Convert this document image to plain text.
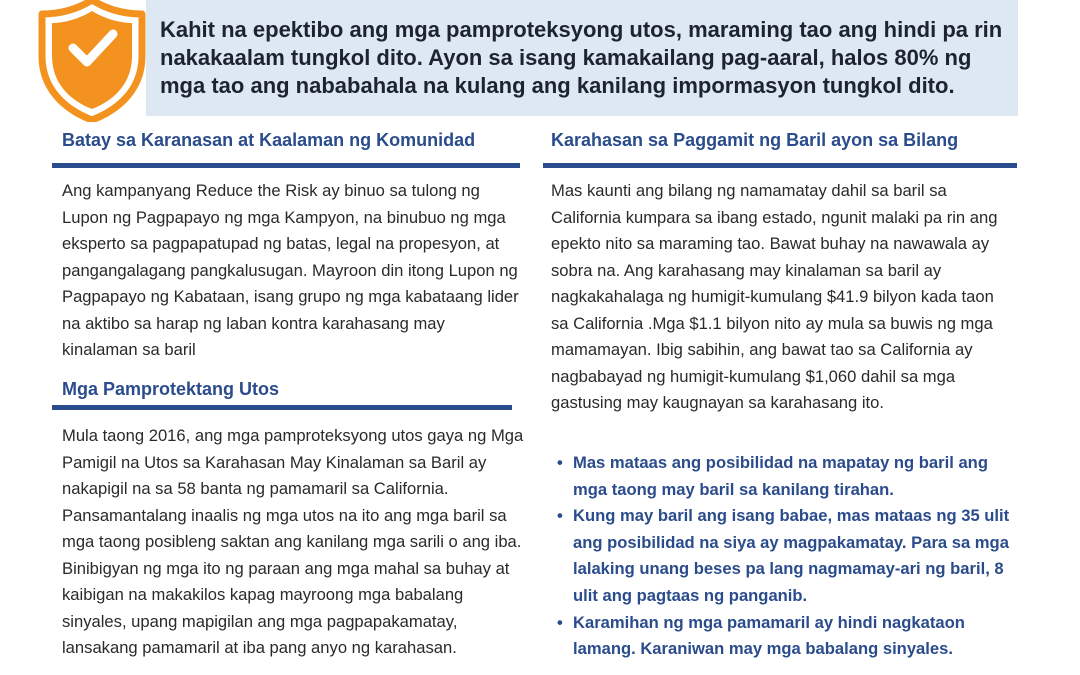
Kahit na epektibo ang mga pamproteksyong utos, maraming tao ang hindi pa rin nakakaalam tungkol dito. Ayon sa isang kamakailang pag-aaral, halos 80% ng mga tao ang nababahala na kulang ang kanilang impormasyon tungkol dito.

Batay sa Karanasan at Kaalaman ng Komunidad

Ang kampanyang Reduce the Risk ay binuo sa tulong ng Lupon ng Pagpapayo ng mga Kampyon, na binubuo ng mga eksperto sa pagpapatupad ng batas, legal na propesyon, at pangangalagang pangkalusugan. Mayroon din itong Lupon ng Pagpapayo ng Kabataan, isang grupo ng mga kabataang lider na aktibo sa harap ng laban kontra karahasang may kinalaman sa baril

Mga Pamprotektang Utos

Mula taong 2016, ang mga pamproteksyong utos gaya ng Mga Pamigil na Utos sa Karahasan May Kinalaman sa Baril ay nakapigil na sa 58 banta ng pamamaril sa California. Pansamantalang inaalis ng mga utos na ito ang mga baril sa mga taong posibleng saktan ang kanilang mga sarili o ang iba. Binibigyan ng mga ito ng paraan ang mga mahal sa buhay at kaibigan na makakilos kapag mayroong mga babalang sinyales, upang mapigilan ang mga pagpapakamatay, lansakang pamamaril at iba pang anyo ng karahasan.

Karahasan sa Paggamit ng Baril ayon sa Bilang

Mas kaunti ang bilang ng namamatay dahil sa baril sa California kumpara sa ibang estado, ngunit malaki pa rin ang epekto nito sa maraming tao. Bawat buhay na nawawala ay sobra na. Ang karahasang may kinalaman sa baril ay nagkakahalaga ng humigit-kumulang $41.9 bilyon kada taon sa California .Mga $1.1 bilyon nito ay mula sa buwis ng mga mamamayan. Ibig sabihin, ang bawat tao sa California ay nagbabayad ng humigit-kumulang $1,060 dahil sa mga gastusing may kaugnayan sa karahasang ito.

• Mas mataas ang posibilidad na mapatay ng baril ang mga taong may baril sa kanilang tirahan.
• Kung may baril ang isang babae, mas mataas ng 35 ulit ang posibilidad na siya ay magpakamatay. Para sa mga lalaking unang beses pa lang nagmamay-ari ng baril, 8 ulit ang pagtaas ng panganib.
• Karamihan ng mga pamamaril ay hindi nagkataon lamang. Karaniwan may mga babalang sinyales.
